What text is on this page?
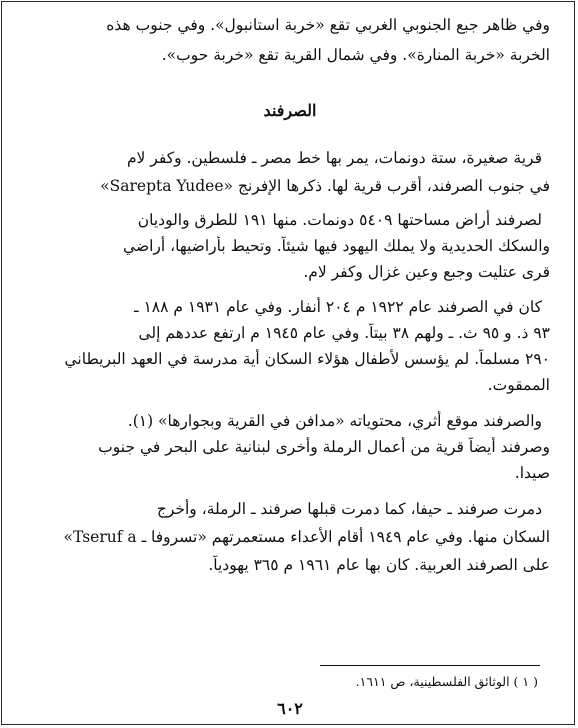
وفي ظاهر جبع الجنوبي الغربي تقع «خربة استانبول». وفي جنوب هذه
الخربة «خربة المنارة». وفي شمال القرية تقع «خربة حوب».
الصرفند
قرية صغيرة، ستة دونمات، يمر بها خط مصر ـ فلسطين. وكفر لام
في جنوب الصرفند، أقرب قرية لها. ذكرها الإفرنج «Sarepta Yudee»
لصرفند أراض مساحتها ٥٤٠٩ دونمات. منها ١٩١ للطرق والوديان
والسكك الحديدية ولا يملك اليهود فيها شيئاً. وتحيط بأراضيها، أراضي
قرى عتليت وجبع وعين غزال وكفر لام.
كان في الصرفند عام ١٩٢٢ م ٢٠٤ أنفار. وفي عام ١٩٣١ م ١٨٨ ـ
٩٣ ذ. و ٩٥ ث. ـ ولهم ٣٨ بيتاً. وفي عام ١٩٤٥ م ارتفع عددهم إلى
٢٩٠ مسلماً. لم يؤسس لأطفال هؤلاء السكان أية مدرسة في العهد البريطاني
الممقوت.
والصرفند موقع أثري، محتوياته «مدافن في القرية وبجوارها» (١).
وصرفند أيضاً قرية من أعمال الرملة وأخرى لبنانية على البحر في جنوب
صيدا.
دمرت صرفند ـ حيفا، كما دمرت قبلها صرفند ـ الرملة، وأخرج
السكان منها. وفي عام ١٩٤٩ أقام الأعداء مستعمرتهم «تسروفا ـ Tseruf a»
على الصرفند العربية. كان بها عام ١٩٦١ م ٣٦٥ يهودياً.
( ١ ) الوثائق الفلسطينية، ص ١٦١١.
٦٠٢
